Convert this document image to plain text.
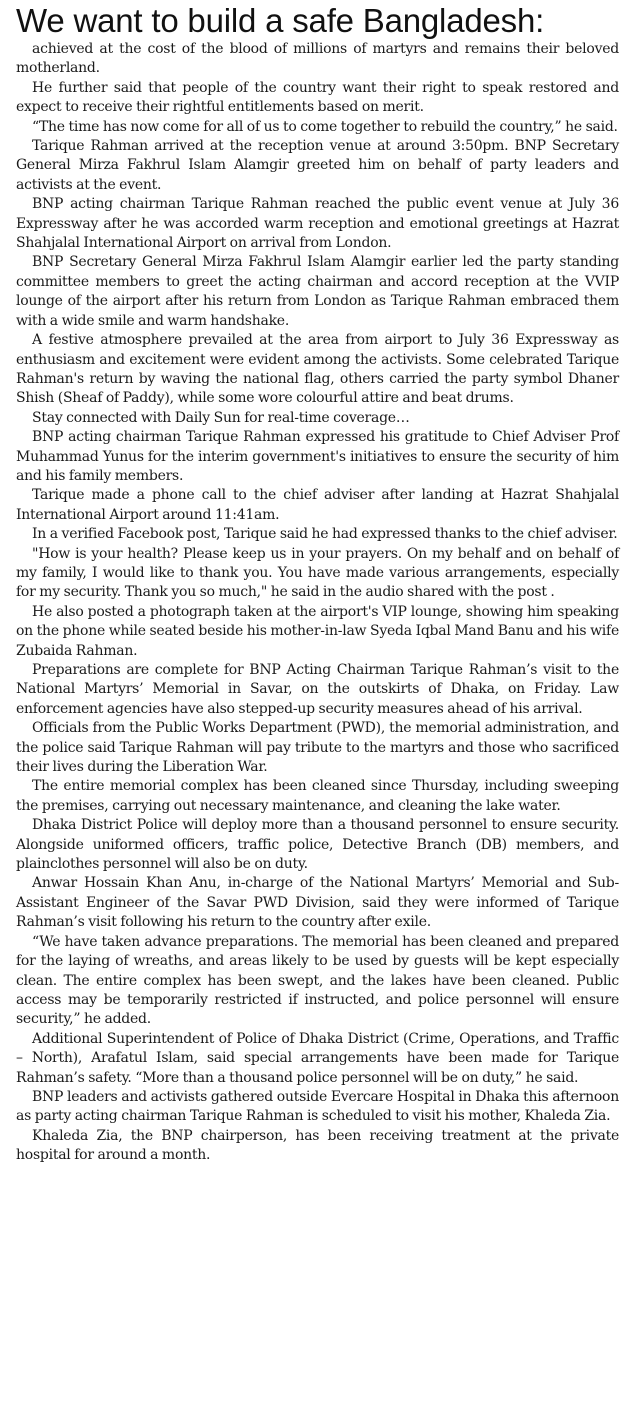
We want to build a safe Bangladesh:

achieved at the cost of the blood of millions of martyrs and remains their beloved motherland.

He further said that people of the country want their right to speak restored and expect to receive their rightful entitlements based on merit.

“The time has now come for all of us to come together to rebuild the country,” he said.

Tarique Rahman arrived at the reception venue at around 3:50pm. BNP Secretary General Mirza Fakhrul Islam Alamgir greeted him on behalf of party leaders and activists at the event.

BNP acting chairman Tarique Rahman reached the public event venue at July 36 Expressway after he was accorded warm reception and emotional greetings at Hazrat Shahjalal International Airport on arrival from London.

BNP Secretary General Mirza Fakhrul Islam Alamgir earlier led the party standing committee members to greet the acting chairman and accord reception at the VVIP lounge of the airport after his return from London as Tarique Rahman embraced them with a wide smile and warm handshake.

A festive atmosphere prevailed at the area from airport to July 36 Expressway as enthusiasm and excitement were evident among the activists. Some celebrated Tarique Rahman's return by waving the national flag, others carried the party symbol Dhaner Shish (Sheaf of Paddy), while some wore colourful attire and beat drums.

Stay connected with Daily Sun for real-time coverage…

BNP acting chairman Tarique Rahman expressed his gratitude to Chief Adviser Prof Muhammad Yunus for the interim government's initiatives to ensure the security of him and his family members.

Tarique made a phone call to the chief adviser after landing at Hazrat Shahjalal International Airport around 11:41am.

In a verified Facebook post, Tarique said he had expressed thanks to the chief adviser.

"How is your health? Please keep us in your prayers. On my behalf and on behalf of my family, I would like to thank you. You have made various arrangements, especially for my security. Thank you so much," he said in the audio shared with the post .

He also posted a photograph taken at the airport's VIP lounge, showing him speaking on the phone while seated beside his mother-in-law Syeda Iqbal Mand Banu and his wife Zubaida Rahman.

Preparations are complete for BNP Acting Chairman Tarique Rahman’s visit to the National Martyrs’ Memorial in Savar, on the outskirts of Dhaka, on Friday. Law enforcement agencies have also stepped-up security measures ahead of his arrival.

Officials from the Public Works Department (PWD), the memorial administration, and the police said Tarique Rahman will pay tribute to the martyrs and those who sacrificed their lives during the Liberation War.

The entire memorial complex has been cleaned since Thursday, including sweeping the premises, carrying out necessary maintenance, and cleaning the lake water.

Dhaka District Police will deploy more than a thousand personnel to ensure security. Alongside uniformed officers, traffic police, Detective Branch (DB) members, and plainclothes personnel will also be on duty.

Anwar Hossain Khan Anu, in-charge of the National Martyrs’ Memorial and Sub-Assistant Engineer of the Savar PWD Division, said they were informed of Tarique Rahman’s visit following his return to the country after exile.

“We have taken advance preparations. The memorial has been cleaned and prepared for the laying of wreaths, and areas likely to be used by guests will be kept especially clean. The entire complex has been swept, and the lakes have been cleaned. Public access may be temporarily restricted if instructed, and police personnel will ensure security,” he added.

Additional Superintendent of Police of Dhaka District (Crime, Operations, and Traffic – North), Arafatul Islam, said special arrangements have been made for Tarique Rahman’s safety. “More than a thousand police personnel will be on duty,” he said.

BNP leaders and activists gathered outside Evercare Hospital in Dhaka this afternoon as party acting chairman Tarique Rahman is scheduled to visit his mother, Khaleda Zia.

Khaleda Zia, the BNP chairperson, has been receiving treatment at the private hospital for around a month.
